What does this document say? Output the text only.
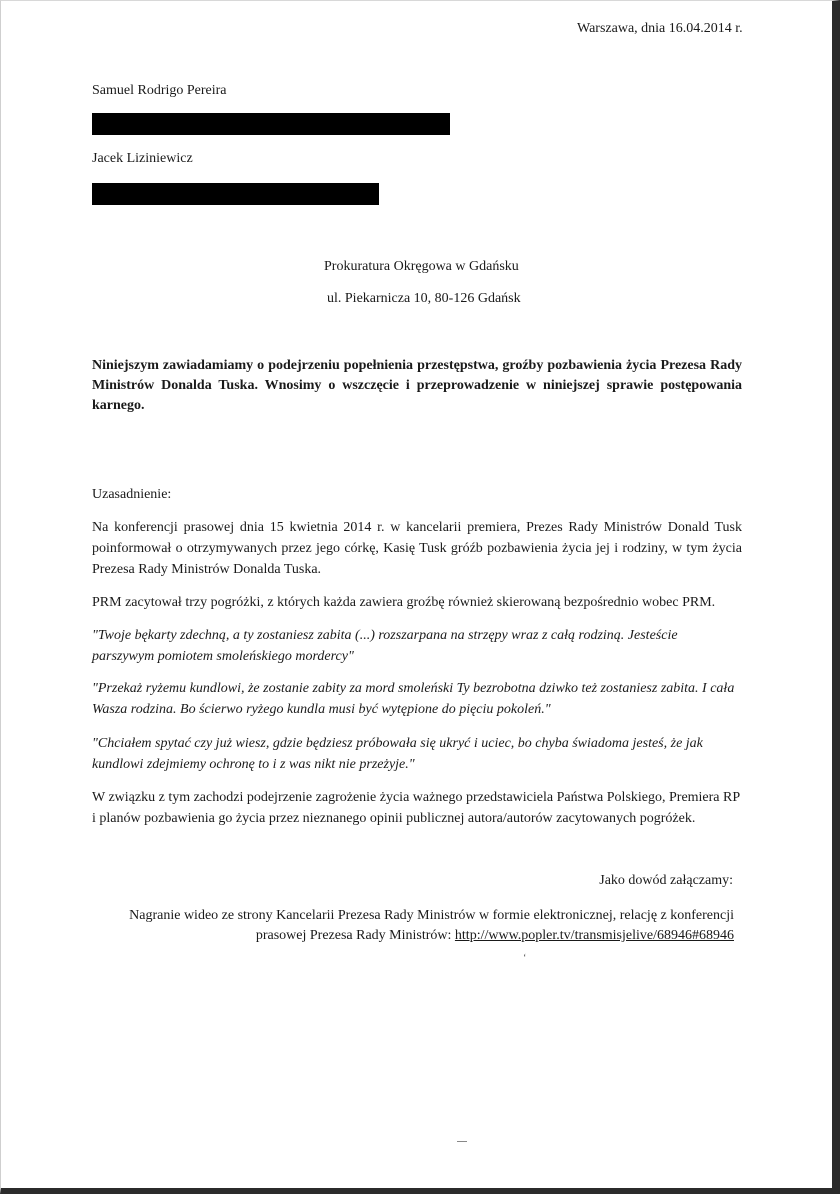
Warszawa, dnia 16.04.2014 r.
Samuel Rodrigo Pereira
Jacek Liziniewicz
Prokuratura Okręgowa w Gdańsku
ul. Piekarnicza 10, 80-126 Gdańsk
Niniejszym zawiadamiamy o podejrzeniu popełnienia przestępstwa, groźby pozbawienia życia Prezesa Rady Ministrów Donalda Tuska. Wnosimy o wszczęcie i przeprowadzenie w niniejszej sprawie postępowania karnego.
Uzasadnienie:
Na konferencji prasowej dnia 15 kwietnia 2014 r. w kancelarii premiera, Prezes Rady Ministrów Donald Tusk poinformował o otrzymywanych przez jego córkę, Kasię Tusk gróźb pozbawienia życia jej i rodziny, w tym życia Prezesa Rady Ministrów Donalda Tuska.
PRM zacytował trzy pogróżki, z których każda zawiera groźbę również skierowaną bezpośrednio wobec PRM.
"Twoje bękarty zdechną, a ty zostaniesz zabita (...) rozszarpana na strzępy wraz z całą rodziną. Jesteście parszywym pomiotem smoleńskiego mordercy"
"Przekaż ryżemu kundlowi, że zostanie zabity za mord smoleński Ty bezrobotna dziwko też zostaniesz zabita. I cała Wasza rodzina. Bo ścierwo ryżego kundla musi być wytępione do pięciu pokoleń."
"Chciałem spytać czy już wiesz, gdzie będziesz próbowała się ukryć i uciec, bo chyba świadoma jesteś, że jak kundlowi zdejmiemy ochronę to i z was nikt nie przeżyje."
W związku z tym zachodzi podejrzenie zagrożenie życia ważnego przedstawiciela Państwa Polskiego, Premiera RP i planów pozbawienia go życia przez nieznanego opinii publicznej autora/autorów zacytowanych pogróżek.
Jako dowód załączamy:
Nagranie wideo ze strony Kancelarii Prezesa Rady Ministrów w formie elektronicznej, relację z konferencji prasowej Prezesa Rady Ministrów: http://www.popler.tv/transmisjelive/68946#68946
‘
